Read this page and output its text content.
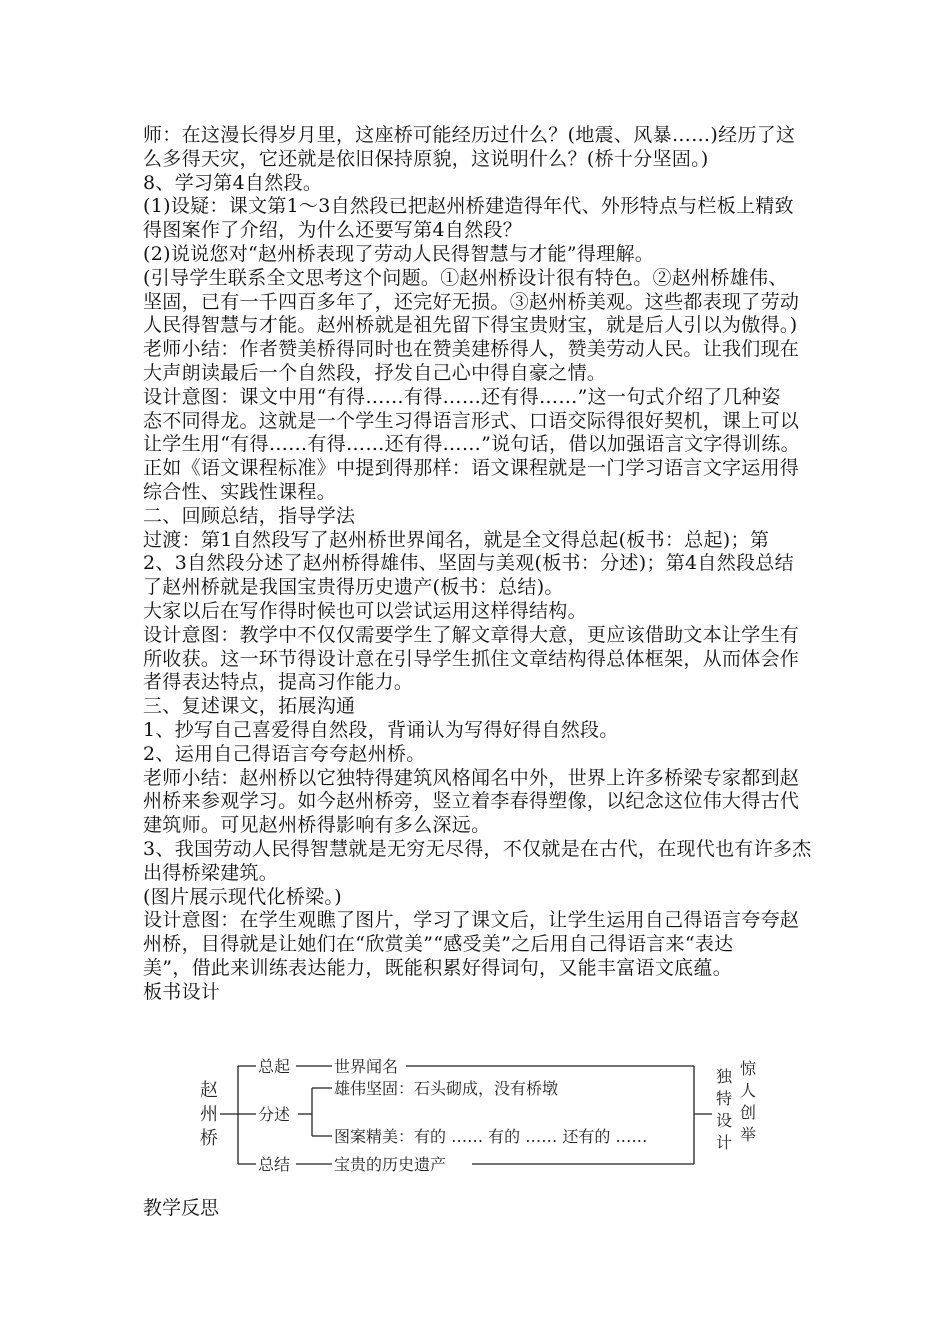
师：在这漫长得岁月里，这座桥可能经历过什么？(地震、风暴……)经历了这

么多得天灾，它还就是依旧保持原貌，这说明什么？(桥十分坚固。)

8、学习第4自然段。

(1)设疑：课文第1～3自然段已把赵州桥建造得年代、外形特点与栏板上精致

得图案作了介绍，为什么还要写第4自然段？

(2)说说您对“赵州桥表现了劳动人民得智慧与才能”得理解。

(引导学生联系全文思考这个问题。①赵州桥设计很有特色。②赵州桥雄伟、

坚固，已有一千四百多年了，还完好无损。③赵州桥美观。这些都表现了劳动

人民得智慧与才能。赵州桥就是祖先留下得宝贵财宝，就是后人引以为傲得。)

老师小结：作者赞美桥得同时也在赞美建桥得人，赞美劳动人民。让我们现在

大声朗读最后一个自然段，抒发自己心中得自豪之情。

设计意图：课文中用“有得……有得……还有得……”这一句式介绍了几种姿

态不同得龙。这就是一个学生习得语言形式、口语交际得很好契机，课上可以

让学生用“有得……有得……还有得……”说句话，借以加强语言文字得训练。

正如《语文课程标准》中提到得那样：语文课程就是一门学习语言文字运用得

综合性、实践性课程。

二、回顾总结，指导学法

过渡：第1自然段写了赵州桥世界闻名，就是全文得总起(板书：总起)；第

2、3自然段分述了赵州桥得雄伟、坚固与美观(板书：分述)；第4自然段总结

了赵州桥就是我国宝贵得历史遗产(板书：总结)。

大家以后在写作得时候也可以尝试运用这样得结构。

设计意图：教学中不仅仅需要学生了解文章得大意，更应该借助文本让学生有

所收获。这一环节得设计意在引导学生抓住文章结构得总体框架，从而体会作

者得表达特点，提高习作能力。

三、复述课文，拓展沟通

1、抄写自己喜爱得自然段，背诵认为写得好得自然段。

2、运用自己得语言夸夸赵州桥。

老师小结：赵州桥以它独特得建筑风格闻名中外，世界上许多桥梁专家都到赵

州桥来参观学习。如今赵州桥旁，竖立着李春得塑像，以纪念这位伟大得古代

建筑师。可见赵州桥得影响有多么深远。

3、我国劳动人民得智慧就是无穷无尽得，不仅就是在古代，在现代也有许多杰

出得桥梁建筑。

(图片展示现代化桥梁。)

设计意图：在学生观瞧了图片，学习了课文后，让学生运用自己得语言夸夸赵

州桥，目得就是让她们在“欣赏美”“感受美”之后用自己得语言来“表达

美”，借此来训练表达能力，既能积累好得词句，又能丰富语文底蕴。

板书设计

赵
州
桥
总起
分述
总结
世界闻名
雄伟坚固：石头砌成，没有桥墩
图案精美：有的 …… 有的 …… 还有的 ……
宝贵的历史遗产
独
特
设
计
惊
人
创
举
教学反思
